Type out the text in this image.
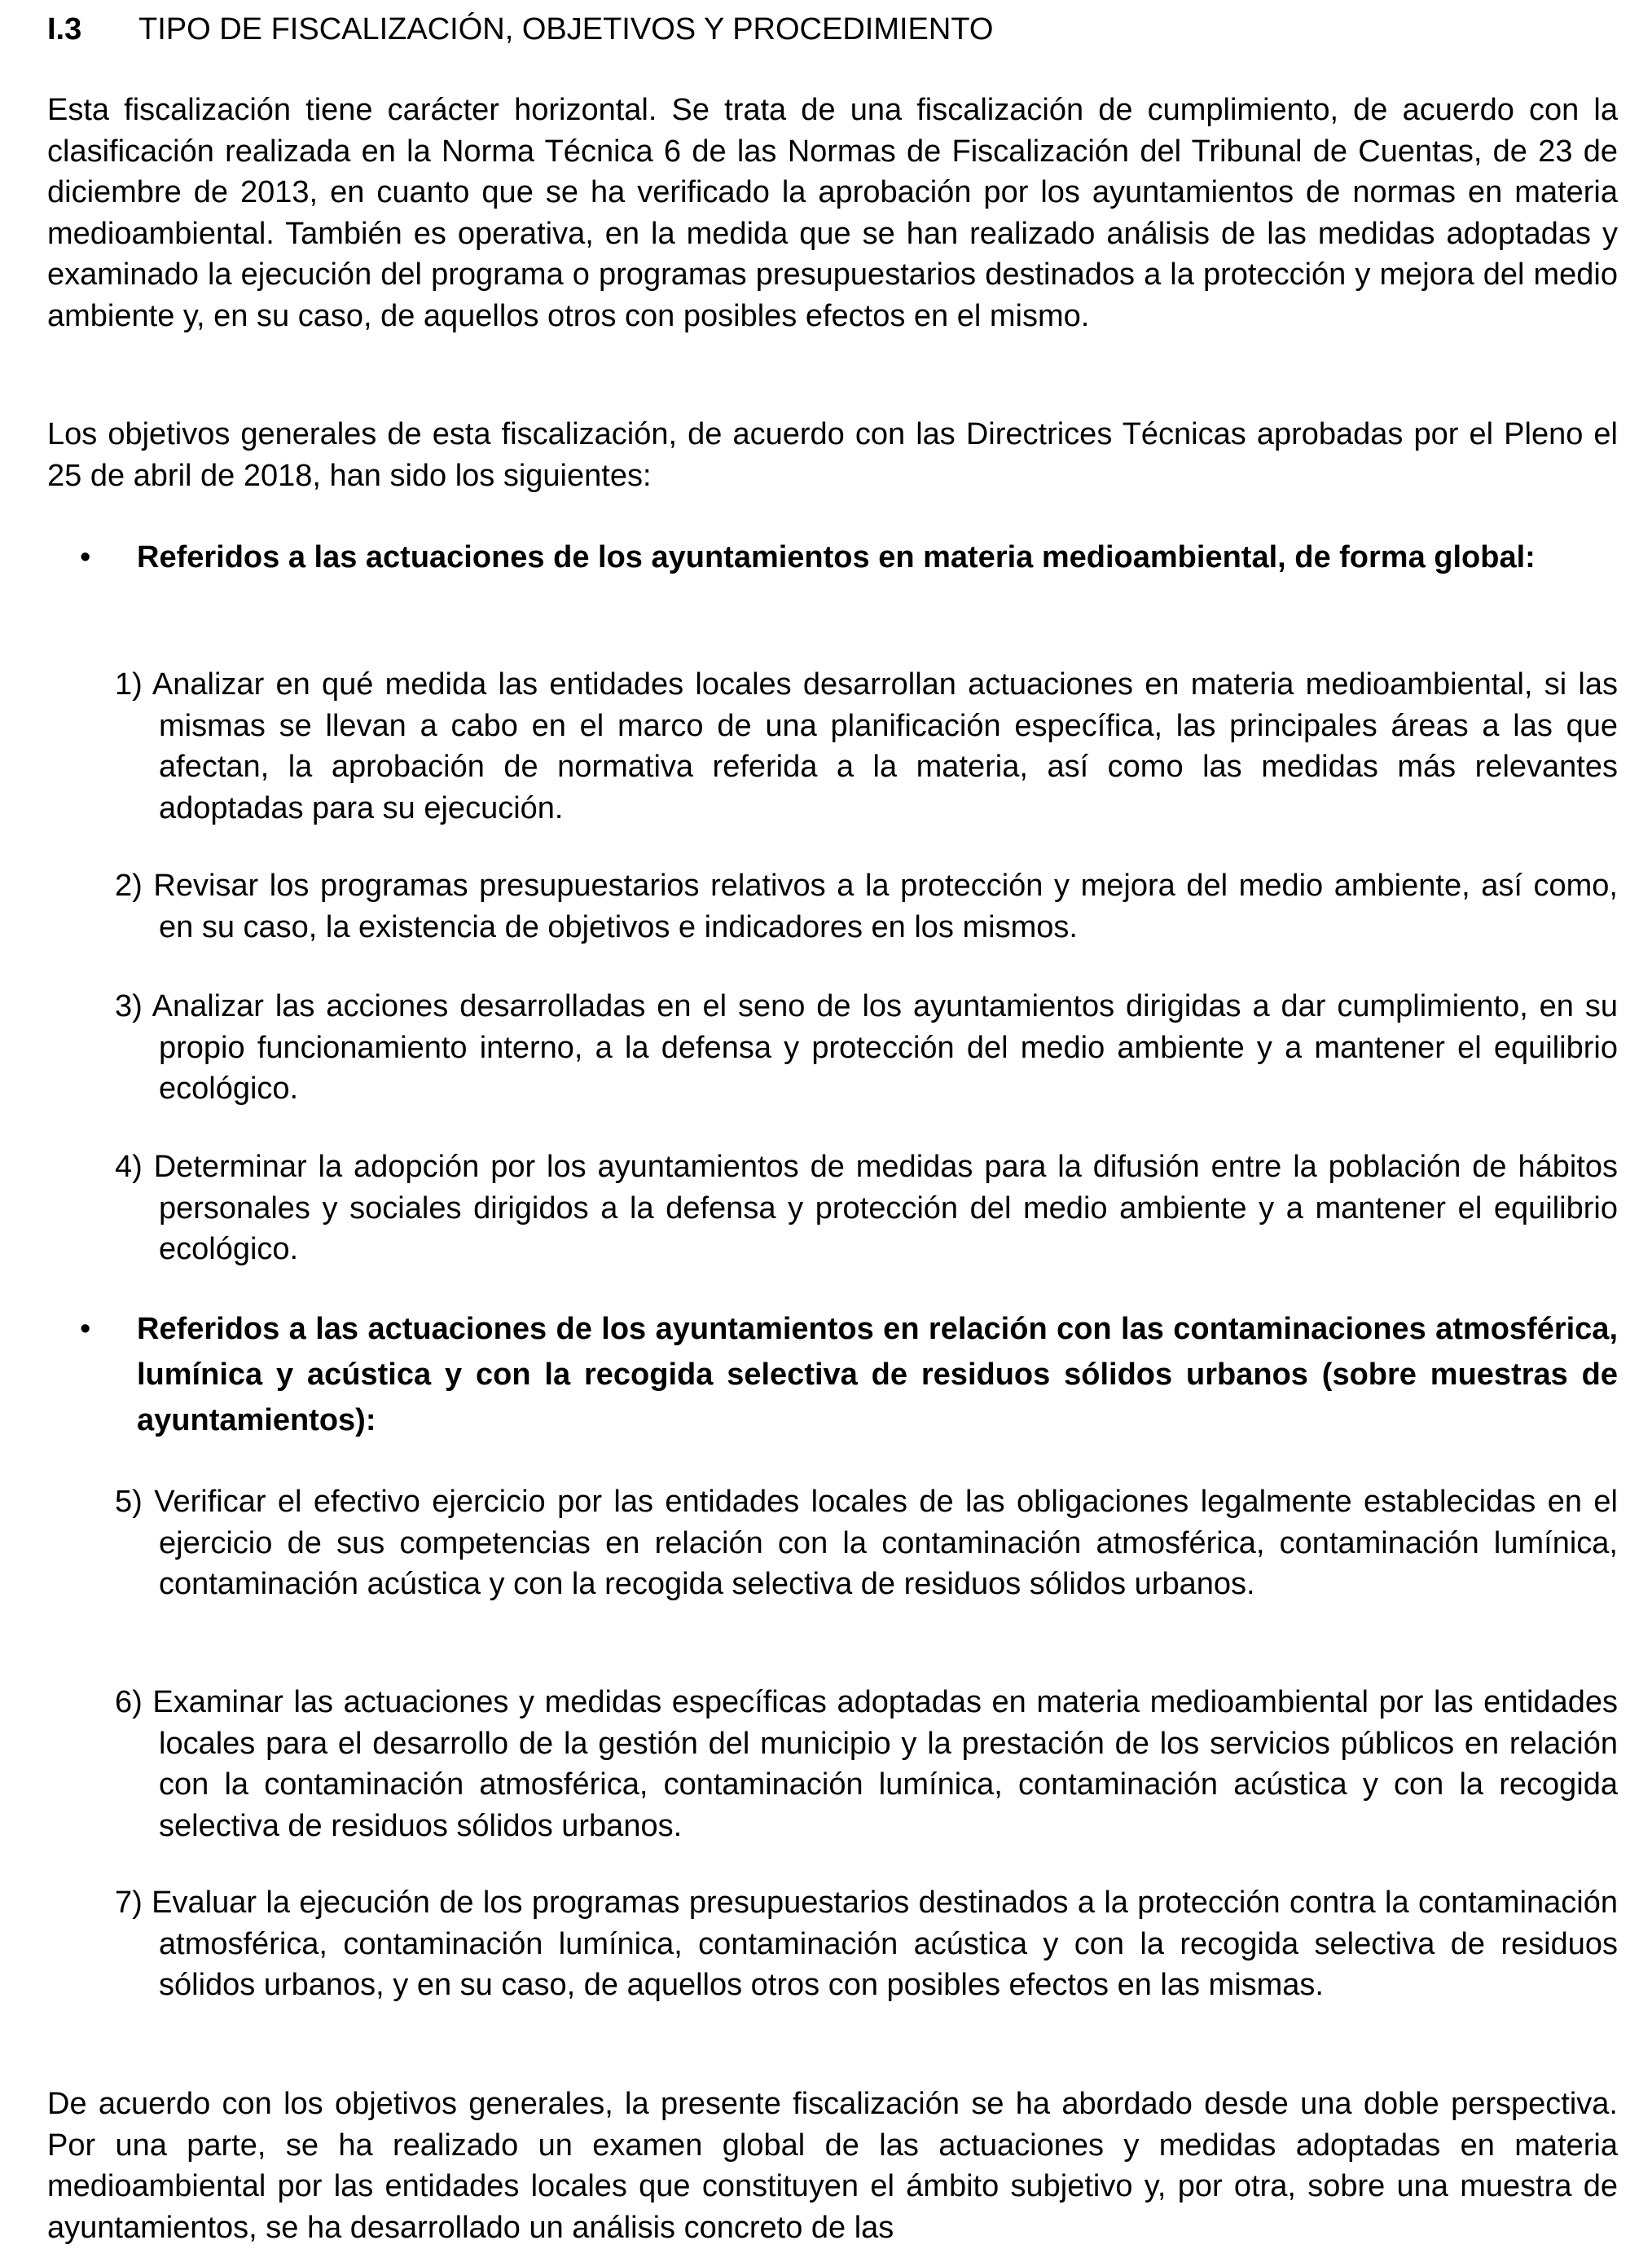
I.3 TIPO DE FISCALIZACIÓN, OBJETIVOS Y PROCEDIMIENTO

Esta fiscalización tiene carácter horizontal. Se trata de una fiscalización de cumplimiento, de acuerdo con la clasificación realizada en la Norma Técnica 6 de las Normas de Fiscalización del Tribunal de Cuentas, de 23 de diciembre de 2013, en cuanto que se ha verificado la aprobación por los ayuntamientos de normas en materia medioambiental. También es operativa, en la medida que se han realizado análisis de las medidas adoptadas y examinado la ejecución del programa o programas presupuestarios destinados a la protección y mejora del medio ambiente y, en su caso, de aquellos otros con posibles efectos en el mismo.

Los objetivos generales de esta fiscalización, de acuerdo con las Directrices Técnicas aprobadas por el Pleno el 25 de abril de 2018, han sido los siguientes:

• Referidos a las actuaciones de los ayuntamientos en materia medioambiental, de forma global:

1) Analizar en qué medida las entidades locales desarrollan actuaciones en materia medioambiental, si las mismas se llevan a cabo en el marco de una planificación específica, las principales áreas a las que afectan, la aprobación de normativa referida a la materia, así como las medidas más relevantes adoptadas para su ejecución.

2) Revisar los programas presupuestarios relativos a la protección y mejora del medio ambiente, así como, en su caso, la existencia de objetivos e indicadores en los mismos.

3) Analizar las acciones desarrolladas en el seno de los ayuntamientos dirigidas a dar cumplimiento, en su propio funcionamiento interno, a la defensa y protección del medio ambiente y a mantener el equilibrio ecológico.

4) Determinar la adopción por los ayuntamientos de medidas para la difusión entre la población de hábitos personales y sociales dirigidos a la defensa y protección del medio ambiente y a mantener el equilibrio ecológico.

• Referidos a las actuaciones de los ayuntamientos en relación con las contaminaciones atmosférica, lumínica y acústica y con la recogida selectiva de residuos sólidos urbanos (sobre muestras de ayuntamientos):

5) Verificar el efectivo ejercicio por las entidades locales de las obligaciones legalmente establecidas en el ejercicio de sus competencias en relación con la contaminación atmosférica, contaminación lumínica, contaminación acústica y con la recogida selectiva de residuos sólidos urbanos.

6) Examinar las actuaciones y medidas específicas adoptadas en materia medioambiental por las entidades locales para el desarrollo de la gestión del municipio y la prestación de los servicios públicos en relación con la contaminación atmosférica, contaminación lumínica, contaminación acústica y con la recogida selectiva de residuos sólidos urbanos.

7) Evaluar la ejecución de los programas presupuestarios destinados a la protección contra la contaminación atmosférica, contaminación lumínica, contaminación acústica y con la recogida selectiva de residuos sólidos urbanos, y en su caso, de aquellos otros con posibles efectos en las mismas.

De acuerdo con los objetivos generales, la presente fiscalización se ha abordado desde una doble perspectiva. Por una parte, se ha realizado un examen global de las actuaciones y medidas adoptadas en materia medioambiental por las entidades locales que constituyen el ámbito subjetivo y, por otra, sobre una muestra de ayuntamientos, se ha desarrollado un análisis concreto de las
